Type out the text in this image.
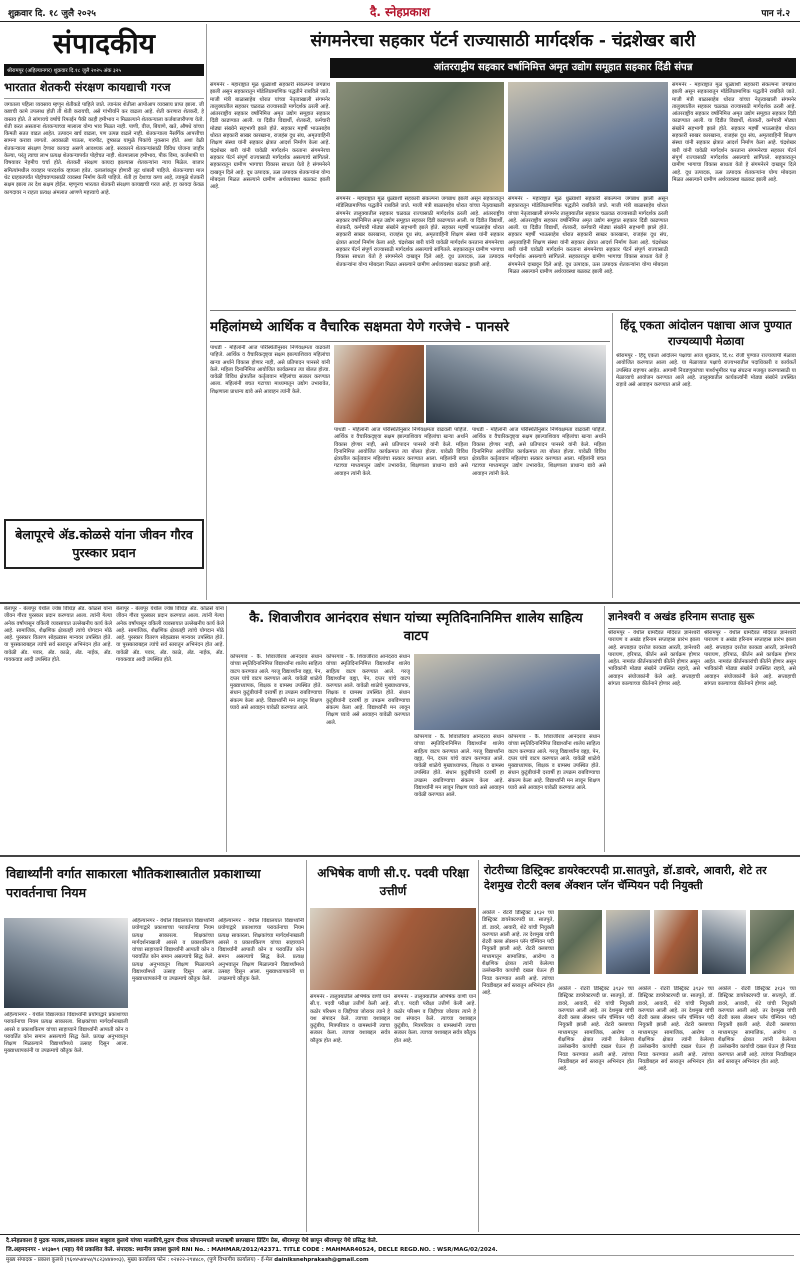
शुक्रवार दि. १८ जुलै २०२५	दै. स्नेहप्रकाश	पान नं.२
संपादकीय
श्रीरामपूर (अहिल्यानगर) शुक्रवार दि.१८ जुलै २०२५ अंक ३२५
भारतात शेतकरी संरक्षण कायद्याची गरज
जगातला पहिला व्यवसाय म्हणून शेतीकडे पाहिले जाते. त्यानंतर शेतीला आपोआप व्यवसाय प्राप्त झाला. जी कष्टाची कामे उपलब्ध होती ती शेती करायची, असे गांभीर्याने कर वाढला आहे. शेती करणारा शेतकरी, हे वास्तव होते. ते सांगायचे वर्षाचे रिफाईन पैकी काही हमीभाव न मिळाल्याने शेतकऱ्याला कर्जबाजारीपणा येतो. शेती करत असताना शेतकऱ्याच्या मालाला योग्य भाव मिळत नाही. पाणी, वीज, बियाणे, खते, औषधे यांच्या किमती सतत वाढत आहेत. उत्पादन खर्च वाढला, पण उत्पन्न वाढले नाही. शेतकऱ्याला नैसर्गिक आपत्तीचा सामना करावा लागतो. अवकाळी पाऊस, गारपीट, दुष्काळ यामुळे पिकांचे नुकसान होते. अशा वेळी शेतकऱ्याला संरक्षण देणारा कायदा असणे आवश्यक आहे. सरकारने शेतकऱ्यांसाठी विविध योजना जाहीर केल्या, परंतु त्याचा लाभ प्रत्यक्ष शेतकऱ्यापर्यंत पोहोचत नाही. शेतमालाला हमीभाव, पीक विमा, कर्जमाफी या विषयावर नेहमीच चर्चा होते. शेतकरी संरक्षण कायदा झाल्यास शेतकऱ्यांना न्याय मिळेल. बाजार समित्यांमधील व्यवहार पारदर्शक व्हायला हवेत. दलालांकडून होणारी लूट थांबली पाहिजे. शेतकऱ्याचा माल थेट ग्राहकापर्यंत पोहोचवण्यासाठी व्यवस्था निर्माण केली पाहिजे. शेती हा देशाचा कणा आहे, त्यामुळे शेतकरी सक्षम झाला तर देश सक्षम होईल. म्हणूनच भारतात शेतकरी संरक्षण कायद्याची गरज आहे. हा कायदा केवळ कागदावर न राहता प्रत्यक्ष अंमलात आणणे महत्त्वाचे आहे.
बेलापूरचे ॲड.कोळसे यांना जीवन गौरव पुरस्कार प्रदान
संगमनेरचा सहकार पॅटर्न राज्यासाठी मार्गदर्शक - चंद्रशेखर बारी
आंतरराष्ट्रीय सहकार वर्षानिमित्त अमृत उद्योग समूहात सहकार दिंडी संपन्न
संगमनेर - महाराष्ट्रात मूळ धुळ्याशी सहकारी संकल्पना जगन्नाथ झाली असून सहकारातून मॉडेलिप्रामाणिक पद्धतीने राबविले जाते. माजी मंत्री बाळासाहेब थोरात यांच्या नेतृत्वाखाली संगमनेर तालुक्यातील सहकार चळवळ राज्यासाठी मार्गदर्शक ठरली आहे. आंतरराष्ट्रीय सहकार वर्षानिमित्त अमृत उद्योग समूहात सहकार दिंडी काढण्यात आली. या दिंडीत विद्यार्थी, शेतकरी, कर्मचारी मोठ्या संख्येने सहभागी झाले होते. सहकार महर्षी भाऊसाहेब थोरात सहकारी साखर कारखाना, राजहंस दूध संघ, अमृतवाहिनी शिक्षण संस्था यांनी सहकार क्षेत्रात आदर्श निर्माण केला आहे. चंद्रशेखर बारी यांनी यावेळी मार्गदर्शन करताना संगमनेरचा सहकार पॅटर्न संपूर्ण राज्यासाठी मार्गदर्शक असल्याचे सांगितले. सहकारातून ग्रामीण भागाचा विकास साधता येतो हे संगमनेरने दाखवून दिले आहे. दूध उत्पादक, ऊस उत्पादक शेतकऱ्यांना योग्य मोबदला मिळत असल्याने ग्रामीण अर्थव्यवस्था बळकट झाली आहे.
संगमनेर - महाराष्ट्रात मूळ धुळ्याशी सहकारी संकल्पना जगन्नाथ झाली असून सहकारातून मॉडेलिप्रामाणिक पद्धतीने राबविले जाते. माजी मंत्री बाळासाहेब थोरात यांच्या नेतृत्वाखाली संगमनेर तालुक्यातील सहकार चळवळ राज्यासाठी मार्गदर्शक ठरली आहे. आंतरराष्ट्रीय सहकार वर्षानिमित्त अमृत उद्योग समूहात सहकार दिंडी काढण्यात आली. या दिंडीत विद्यार्थी, शेतकरी, कर्मचारी मोठ्या संख्येने सहभागी झाले होते. सहकार महर्षी भाऊसाहेब थोरात सहकारी साखर कारखाना, राजहंस दूध संघ, अमृतवाहिनी शिक्षण संस्था यांनी सहकार क्षेत्रात आदर्श निर्माण केला आहे. चंद्रशेखर बारी यांनी यावेळी मार्गदर्शन करताना संगमनेरचा सहकार पॅटर्न संपूर्ण राज्यासाठी मार्गदर्शक असल्याचे सांगितले. सहकारातून ग्रामीण भागाचा विकास साधता येतो हे संगमनेरने दाखवून दिले आहे. दूध उत्पादक, ऊस उत्पादक शेतकऱ्यांना योग्य मोबदला मिळत असल्याने ग्रामीण अर्थव्यवस्था बळकट झाली आहे.
संगमनेर - महाराष्ट्रात मूळ धुळ्याशी सहकारी संकल्पना जगन्नाथ झाली असून सहकारातून मॉडेलिप्रामाणिक पद्धतीने राबविले जाते. माजी मंत्री बाळासाहेब थोरात यांच्या नेतृत्वाखाली संगमनेर तालुक्यातील सहकार चळवळ राज्यासाठी मार्गदर्शक ठरली आहे. आंतरराष्ट्रीय सहकार वर्षानिमित्त अमृत उद्योग समूहात सहकार दिंडी काढण्यात आली. या दिंडीत विद्यार्थी, शेतकरी, कर्मचारी मोठ्या संख्येने सहभागी झाले होते. सहकार महर्षी भाऊसाहेब थोरात सहकारी साखर कारखाना, राजहंस दूध संघ, अमृतवाहिनी शिक्षण संस्था यांनी सहकार क्षेत्रात आदर्श निर्माण केला आहे. चंद्रशेखर बारी यांनी यावेळी मार्गदर्शन करताना संगमनेरचा सहकार पॅटर्न संपूर्ण राज्यासाठी मार्गदर्शक असल्याचे सांगितले. सहकारातून ग्रामीण भागाचा विकास साधता येतो हे संगमनेरने दाखवून दिले आहे. दूध उत्पादक, ऊस उत्पादक शेतकऱ्यांना योग्य मोबदला मिळत असल्याने ग्रामीण अर्थव्यवस्था बळकट झाली आहे.
संगमनेर - महाराष्ट्रात मूळ धुळ्याशी सहकारी संकल्पना जगन्नाथ झाली असून सहकारातून मॉडेलिप्रामाणिक पद्धतीने राबविले जाते. माजी मंत्री बाळासाहेब थोरात यांच्या नेतृत्वाखाली संगमनेर तालुक्यातील सहकार चळवळ राज्यासाठी मार्गदर्शक ठरली आहे. आंतरराष्ट्रीय सहकार वर्षानिमित्त अमृत उद्योग समूहात सहकार दिंडी काढण्यात आली. या दिंडीत विद्यार्थी, शेतकरी, कर्मचारी मोठ्या संख्येने सहभागी झाले होते. सहकार महर्षी भाऊसाहेब थोरात सहकारी साखर कारखाना, राजहंस दूध संघ, अमृतवाहिनी शिक्षण संस्था यांनी सहकार क्षेत्रात आदर्श निर्माण केला आहे. चंद्रशेखर बारी यांनी यावेळी मार्गदर्शन करताना संगमनेरचा सहकार पॅटर्न संपूर्ण राज्यासाठी मार्गदर्शक असल्याचे सांगितले. सहकारातून ग्रामीण भागाचा विकास साधता येतो हे संगमनेरने दाखवून दिले आहे. दूध उत्पादक, ऊस उत्पादक शेतकऱ्यांना योग्य मोबदला मिळत असल्याने ग्रामीण अर्थव्यवस्था बळकट झाली आहे.
महिलांमध्ये आर्थिक व वैचारिक सक्षमता येणे गरजेचे - पानसरे
पाथर्डी - महिलांनी आज परिस्थितीनुसार निर्णयक्षमता वाढवली पाहिजे. आर्थिक व वैचारिकदृष्ट्या सक्षम झाल्याशिवाय महिलांचा खऱ्या अर्थाने विकास होणार नाही, असे प्रतिपादन पानसरे यांनी केले. महिला दिनानिमित्त आयोजित कार्यक्रमात त्या बोलत होत्या. यावेळी विविध क्षेत्रातील कर्तृत्ववान महिलांचा सत्कार करण्यात आला. महिलांनी बचत गटाच्या माध्यमातून उद्योग उभारावेत, शिक्षणाला प्राधान्य द्यावे असे आवाहन त्यांनी केले.
पाथर्डी - महिलांनी आज परिस्थितीनुसार निर्णयक्षमता वाढवली पाहिजे. आर्थिक व वैचारिकदृष्ट्या सक्षम झाल्याशिवाय महिलांचा खऱ्या अर्थाने विकास होणार नाही, असे प्रतिपादन पानसरे यांनी केले. महिला दिनानिमित्त आयोजित कार्यक्रमात त्या बोलत होत्या. यावेळी विविध क्षेत्रातील कर्तृत्ववान महिलांचा सत्कार करण्यात आला. महिलांनी बचत गटाच्या माध्यमातून उद्योग उभारावेत, शिक्षणाला प्राधान्य द्यावे असे आवाहन त्यांनी केले.
पाथर्डी - महिलांनी आज परिस्थितीनुसार निर्णयक्षमता वाढवली पाहिजे. आर्थिक व वैचारिकदृष्ट्या सक्षम झाल्याशिवाय महिलांचा खऱ्या अर्थाने विकास होणार नाही, असे प्रतिपादन पानसरे यांनी केले. महिला दिनानिमित्त आयोजित कार्यक्रमात त्या बोलत होत्या. यावेळी विविध क्षेत्रातील कर्तृत्ववान महिलांचा सत्कार करण्यात आला. महिलांनी बचत गटाच्या माध्यमातून उद्योग उभारावेत, शिक्षणाला प्राधान्य द्यावे असे आवाहन त्यांनी केले.
हिंदू एकता आंदोलन पक्षाचा आज पुण्यात राज्यव्यापी मेळावा
श्रीरामपूर - हिंदू एकता आंदोलन पक्षाचा आज शुक्रवार, दि.१८ रोजी पुण्यात राज्यव्यापी मेळावा आयोजित करण्यात आला आहे. या मेळाव्यात पक्षाचे राज्यभरातील पदाधिकारी व कार्यकर्ते उपस्थित राहणार आहेत. आगामी निवडणुकांच्या पार्श्वभूमीवर पक्ष संघटना मजबूत करण्यासाठी या मेळाव्याचे आयोजन करण्यात आले आहे. तालुक्यातील कार्यकर्त्यांनी मोठ्या संख्येने उपस्थित राहावे असे आवाहन करण्यात आले आहे.
बेलापूर - बेलापूर येथील ज्येष्ठ विधिज्ञ ॲड. कोळसे यांना जीवन गौरव पुरस्कार प्रदान करण्यात आला. त्यांनी गेल्या अनेक वर्षांपासून वकिली व्यवसायात उल्लेखनीय कार्य केले आहे. सामाजिक, शैक्षणिक क्षेत्रातही त्यांचे योगदान मोठे आहे. पुरस्कार वितरण सोहळ्यास मान्यवर उपस्थित होते. या पुरस्काराबद्दल त्यांचे सर्व स्तरातून अभिनंदन होत आहे. यावेळी ॲड. पवार, ॲड. काळे, ॲड. नाईक, ॲड. गायकवाड आदी उपस्थित होते.
बेलापूर - बेलापूर येथील ज्येष्ठ विधिज्ञ ॲड. कोळसे यांना जीवन गौरव पुरस्कार प्रदान करण्यात आला. त्यांनी गेल्या अनेक वर्षांपासून वकिली व्यवसायात उल्लेखनीय कार्य केले आहे. सामाजिक, शैक्षणिक क्षेत्रातही त्यांचे योगदान मोठे आहे. पुरस्कार वितरण सोहळ्यास मान्यवर उपस्थित होते. या पुरस्काराबद्दल त्यांचे सर्व स्तरातून अभिनंदन होत आहे. यावेळी ॲड. पवार, ॲड. काळे, ॲड. नाईक, ॲड. गायकवाड आदी उपस्थित होते.
कै. शिवाजीराव आनंदराव संधान यांच्या स्मृतिदिनानिमित्त शालेय साहित्य वाटप
कोपरगाव - कै. शिवाजीराव आनंदराव संधान यांच्या स्मृतिदिनानिमित्त विद्यार्थ्यांना शालेय साहित्य वाटप करण्यात आले. गरजू विद्यार्थ्यांना वह्या, पेन, दप्तर यांचे वाटप करण्यात आले. यावेळी शाळेचे मुख्याध्यापक, शिक्षक व ग्रामस्थ उपस्थित होते. संधान कुटुंबीयांनी दरवर्षी हा उपक्रम राबविण्याचा संकल्प केला आहे. विद्यार्थ्यांनी मन लावून शिक्षण घ्यावे असे आवाहन यावेळी करण्यात आले.
कोपरगाव - कै. शिवाजीराव आनंदराव संधान यांच्या स्मृतिदिनानिमित्त विद्यार्थ्यांना शालेय साहित्य वाटप करण्यात आले. गरजू विद्यार्थ्यांना वह्या, पेन, दप्तर यांचे वाटप करण्यात आले. यावेळी शाळेचे मुख्याध्यापक, शिक्षक व ग्रामस्थ उपस्थित होते. संधान कुटुंबीयांनी दरवर्षी हा उपक्रम राबविण्याचा संकल्प केला आहे. विद्यार्थ्यांनी मन लावून शिक्षण घ्यावे असे आवाहन यावेळी करण्यात आले.
कोपरगाव - कै. शिवाजीराव आनंदराव संधान यांच्या स्मृतिदिनानिमित्त विद्यार्थ्यांना शालेय साहित्य वाटप करण्यात आले. गरजू विद्यार्थ्यांना वह्या, पेन, दप्तर यांचे वाटप करण्यात आले. यावेळी शाळेचे मुख्याध्यापक, शिक्षक व ग्रामस्थ उपस्थित होते. संधान कुटुंबीयांनी दरवर्षी हा उपक्रम राबविण्याचा संकल्प केला आहे. विद्यार्थ्यांनी मन लावून शिक्षण घ्यावे असे आवाहन यावेळी करण्यात आले.
कोपरगाव - कै. शिवाजीराव आनंदराव संधान यांच्या स्मृतिदिनानिमित्त विद्यार्थ्यांना शालेय साहित्य वाटप करण्यात आले. गरजू विद्यार्थ्यांना वह्या, पेन, दप्तर यांचे वाटप करण्यात आले. यावेळी शाळेचे मुख्याध्यापक, शिक्षक व ग्रामस्थ उपस्थित होते. संधान कुटुंबीयांनी दरवर्षी हा उपक्रम राबविण्याचा संकल्प केला आहे. विद्यार्थ्यांनी मन लावून शिक्षण घ्यावे असे आवाहन यावेळी करण्यात आले.
ज्ञानेश्वरी व अखंड हरिनाम सप्ताह सुरू
श्रीरामपूर - येथील ग्रामदैवत मंदिरात ज्ञानेश्वरी पारायण व अखंड हरिनाम सप्ताहास प्रारंभ झाला आहे. सप्ताहात दररोज काकडा आरती, ज्ञानेश्वरी पारायण, हरिपाठ, कीर्तन असे कार्यक्रम होणार आहेत. नामवंत कीर्तनकारांची कीर्तने होणार असून भाविकांनी मोठ्या संख्येने उपस्थित राहावे, असे आवाहन संयोजकांनी केले आहे. सप्ताहाची सांगता काल्याच्या कीर्तनाने होणार आहे.
श्रीरामपूर - येथील ग्रामदैवत मंदिरात ज्ञानेश्वरी पारायण व अखंड हरिनाम सप्ताहास प्रारंभ झाला आहे. सप्ताहात दररोज काकडा आरती, ज्ञानेश्वरी पारायण, हरिपाठ, कीर्तन असे कार्यक्रम होणार आहेत. नामवंत कीर्तनकारांची कीर्तने होणार असून भाविकांनी मोठ्या संख्येने उपस्थित राहावे, असे आवाहन संयोजकांनी केले आहे. सप्ताहाची सांगता काल्याच्या कीर्तनाने होणार आहे.
विद्यार्थ्यांनी वर्गात साकारला भौतिकशास्त्रातील प्रकाशाच्या परावर्तनाचा नियम
अहिल्यानगर - येथील विद्यालयात विद्यार्थ्यांनी प्रयोगाद्वारे प्रकाशाच्या परावर्तनाचा नियम प्रत्यक्ष साकारला. शिक्षकांच्या मार्गदर्शनाखाली आरसे व प्रकाशकिरण यांच्या साहाय्याने विद्यार्थ्यांनी आपाती कोन व परावर्तित कोन समान असल्याचे सिद्ध केले. प्रत्यक्ष अनुभवातून शिक्षण मिळाल्याने विद्यार्थ्यांमध्ये उत्साह दिसून आला. मुख्याध्यापकांनी या उपक्रमाचे कौतुक केले.
अहिल्यानगर - येथील विद्यालयात विद्यार्थ्यांनी प्रयोगाद्वारे प्रकाशाच्या परावर्तनाचा नियम प्रत्यक्ष साकारला. शिक्षकांच्या मार्गदर्शनाखाली आरसे व प्रकाशकिरण यांच्या साहाय्याने विद्यार्थ्यांनी आपाती कोन व परावर्तित कोन समान असल्याचे सिद्ध केले. प्रत्यक्ष अनुभवातून शिक्षण मिळाल्याने विद्यार्थ्यांमध्ये उत्साह दिसून आला. मुख्याध्यापकांनी या उपक्रमाचे कौतुक केले.
अहिल्यानगर - येथील विद्यालयात विद्यार्थ्यांनी प्रयोगाद्वारे प्रकाशाच्या परावर्तनाचा नियम प्रत्यक्ष साकारला. शिक्षकांच्या मार्गदर्शनाखाली आरसे व प्रकाशकिरण यांच्या साहाय्याने विद्यार्थ्यांनी आपाती कोन व परावर्तित कोन समान असल्याचे सिद्ध केले. प्रत्यक्ष अनुभवातून शिक्षण मिळाल्याने विद्यार्थ्यांमध्ये उत्साह दिसून आला. मुख्याध्यापकांनी या उपक्रमाचे कौतुक केले.
अभिषेक वाणी सी.ए. पदवी परिक्षा उत्तीर्ण
संगमनेर - तालुक्यातील अभिषेक वाणी याने सी.ए. पदवी परीक्षा उत्तीर्ण केली आहे. कठोर परिश्रम व जिद्दीच्या जोरावर त्याने हे यश संपादन केले. त्याच्या यशाबद्दल कुटुंबीय, मित्रपरिवार व ग्रामस्थांनी त्याचा सत्कार केला. त्याच्या यशाबद्दल सर्वत्र कौतुक होत आहे.
संगमनेर - तालुक्यातील अभिषेक वाणी याने सी.ए. पदवी परीक्षा उत्तीर्ण केली आहे. कठोर परिश्रम व जिद्दीच्या जोरावर त्याने हे यश संपादन केले. त्याच्या यशाबद्दल कुटुंबीय, मित्रपरिवार व ग्रामस्थांनी त्याचा सत्कार केला. त्याच्या यशाबद्दल सर्वत्र कौतुक होत आहे.
रोटरीच्या डिस्ट्रिक्ट डायरेक्टरपदी प्रा.सातपुते, डॉ.डावरे, आवारी, शेटे तर देशमुख रोटरी क्लब ॲक्शन प्लॅन चॅम्पियन पदी नियुक्ती
अकोले - रोटरी डिस्ट्रिक्ट ३१३२ च्या डिस्ट्रिक्ट डायरेक्टरपदी प्रा. सातपुते, डॉ. डावरे, आवारी, शेटे यांची नियुक्ती करण्यात आली आहे. तर देशमुख यांची रोटरी क्लब ॲक्शन प्लॅन चॅम्पियन पदी नियुक्ती झाली आहे. रोटरी क्लबच्या माध्यमातून सामाजिक, आरोग्य व शैक्षणिक क्षेत्रात त्यांनी केलेल्या उल्लेखनीय कार्याची दखल घेऊन ही निवड करण्यात आली आहे. त्यांच्या निवडीबद्दल सर्व स्तरातून अभिनंदन होत आहे.
अकोले - रोटरी डिस्ट्रिक्ट ३१३२ च्या डिस्ट्रिक्ट डायरेक्टरपदी प्रा. सातपुते, डॉ. डावरे, आवारी, शेटे यांची नियुक्ती करण्यात आली आहे. तर देशमुख यांची रोटरी क्लब ॲक्शन प्लॅन चॅम्पियन पदी नियुक्ती झाली आहे. रोटरी क्लबच्या माध्यमातून सामाजिक, आरोग्य व शैक्षणिक क्षेत्रात त्यांनी केलेल्या उल्लेखनीय कार्याची दखल घेऊन ही निवड करण्यात आली आहे. त्यांच्या निवडीबद्दल सर्व स्तरातून अभिनंदन होत आहे.
अकोले - रोटरी डिस्ट्रिक्ट ३१३२ च्या डिस्ट्रिक्ट डायरेक्टरपदी प्रा. सातपुते, डॉ. डावरे, आवारी, शेटे यांची नियुक्ती करण्यात आली आहे. तर देशमुख यांची रोटरी क्लब ॲक्शन प्लॅन चॅम्पियन पदी नियुक्ती झाली आहे. रोटरी क्लबच्या माध्यमातून सामाजिक, आरोग्य व शैक्षणिक क्षेत्रात त्यांनी केलेल्या उल्लेखनीय कार्याची दखल घेऊन ही निवड करण्यात आली आहे. त्यांच्या निवडीबद्दल सर्व स्तरातून अभिनंदन होत आहे.
अकोले - रोटरी डिस्ट्रिक्ट ३१३२ च्या डिस्ट्रिक्ट डायरेक्टरपदी प्रा. सातपुते, डॉ. डावरे, आवारी, शेटे यांची नियुक्ती करण्यात आली आहे. तर देशमुख यांची रोटरी क्लब ॲक्शन प्लॅन चॅम्पियन पदी नियुक्ती झाली आहे. रोटरी क्लबच्या माध्यमातून सामाजिक, आरोग्य व शैक्षणिक क्षेत्रात त्यांनी केलेल्या उल्लेखनीय कार्याची दखल घेऊन ही निवड करण्यात आली आहे. त्यांच्या निवडीबद्दल सर्व स्तरातून अभिनंदन होत आहे.
दै.स्नेहप्रकाश हे मुद्रक मालक,प्रकाशक प्रकाश बाबुराव कुलथे यांच्या मालकीचे,मुद्रण दीपक सोपानमधले सप्तऋषी छापखाना प्रिंटिंग प्रेस, श्रीरामपूर येथे छापून श्रीरामपूर येथे प्रसिद्ध केले.
जि.अहमदनगर - ४१३७०९ (महा) येथे प्रकाशित केले. संपादक: स्थानीय प्रकाश कुलथे RNI No. : MAHMAR/2012/42371. TITLE CODE : MAHMAR40524, DECLE REGD.NO. : WSR/MAG/02/2024.
मुख्य संपादक - प्रकाश कुलथे (९६०४५४४५४/९८२३४४४००३), मुख्य कार्यालय फोन : ०२४२२-२९४४८०, (पुणे विभागीय कार्यालय) - ई-मेल dainiksnehprakash@gmail.com
